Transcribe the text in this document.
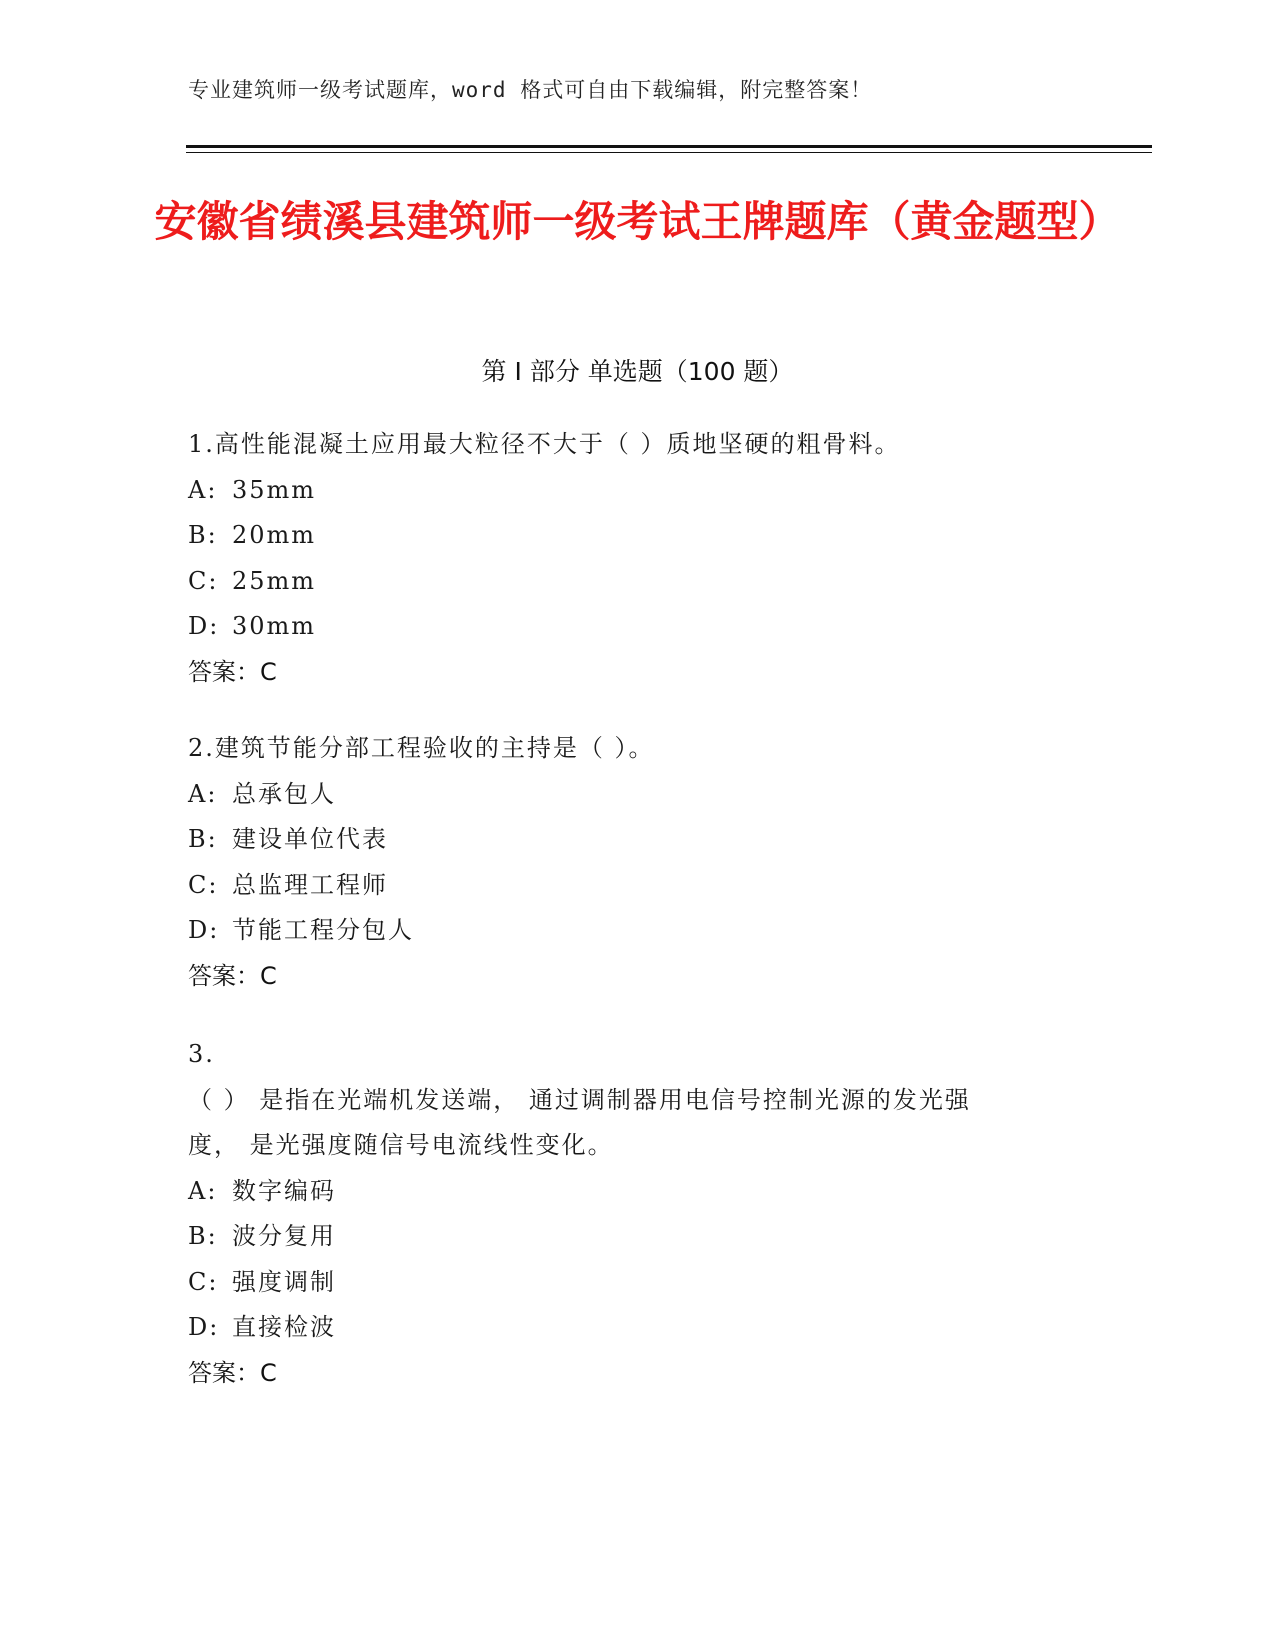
专业建筑师一级考试题库，word 格式可自由下载编辑，附完整答案！
安徽省绩溪县建筑师一级考试王牌题库（黄金题型）
第 I 部分 单选题（100 题）
1.高性能混凝土应用最大粒径不大于（ ）质地坚硬的粗骨料。
A: 35mm
B: 20mm
C: 25mm
D: 30mm
答案：C
2.建筑节能分部工程验收的主持是（ ）。
A: 总承包人
B: 建设单位代表
C: 总监理工程师
D: 节能工程分包人
答案：C
3.
（ ） 是指在光端机发送端， 通过调制器用电信号控制光源的发光强
度， 是光强度随信号电流线性变化。
A: 数字编码
B: 波分复用
C: 强度调制
D: 直接检波
答案：C
